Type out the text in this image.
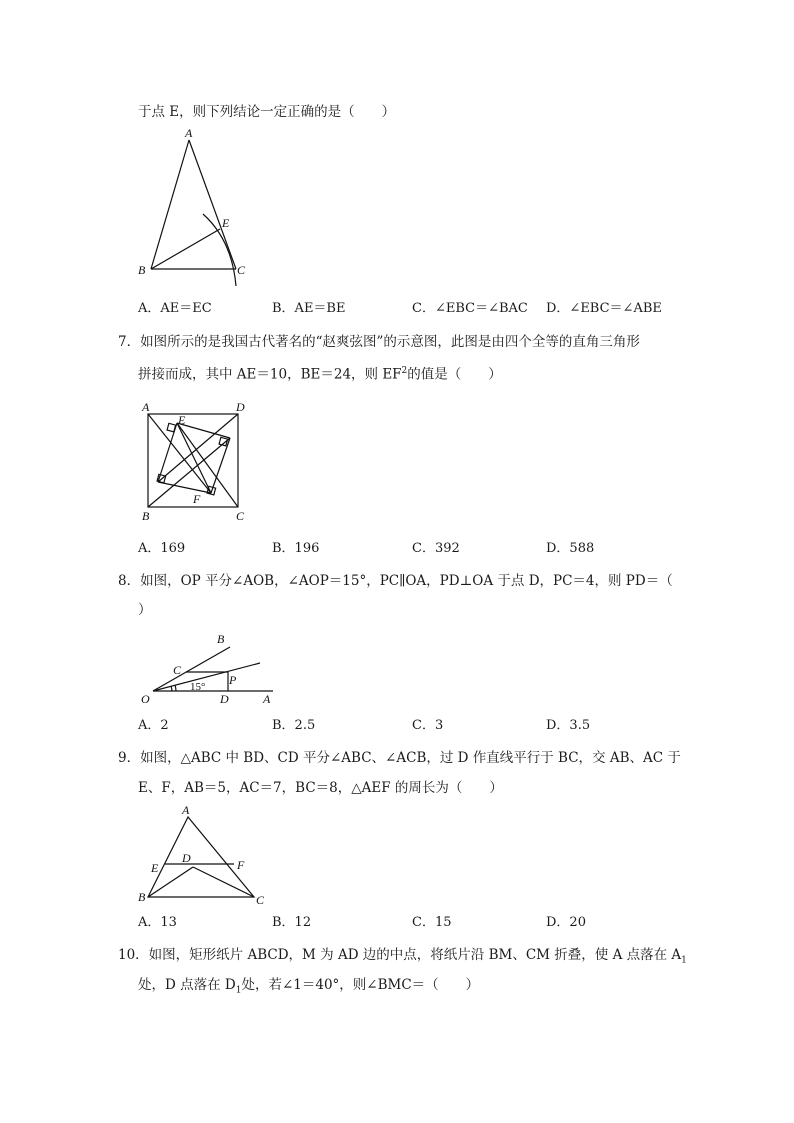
于点 E，则下列结论一定正确的是（　　）
A
B	C
E
A．AE＝EC	B．AE＝BE	C．∠EBC＝∠BAC D．∠EBC＝∠ABE
7．如图所示的是我国古代著名的“赵爽弦图”的示意图，此图是由四个全等的直角三角形
拼接而成，其中 AE＝10，BE＝24，则 $EF^2$的值是（　　）
A	D
E
F
B	C
A．169	B．196	C．392	D．588
8．如图，OP 平分∠AOB，∠AOP＝15°，PC∥OA，PD⊥OA 于点 D，PC＝4，则 PD＝（
）
B
C
P
O	D	A
15°
A．2	B．2.5	C．3	D．3.5
9．如图，△ABC 中 BD、CD 平分∠ABC、∠ACB，过 D 作直线平行于 BC，交 AB、AC 于
E、F，AB＝5，AC＝7，BC＝8，△AEF 的周长为（　　）
A
D
E	F
B	C
A．13	B．12	C．15	D．20
10．如图，矩形纸片 ABCD，M 为 AD 边的中点，将纸片沿 BM、CM 折叠，使 A 点落在 $A_1$
处，D 点落在 $D_1$处，若∠1＝40°，则∠BMC＝（　　）
